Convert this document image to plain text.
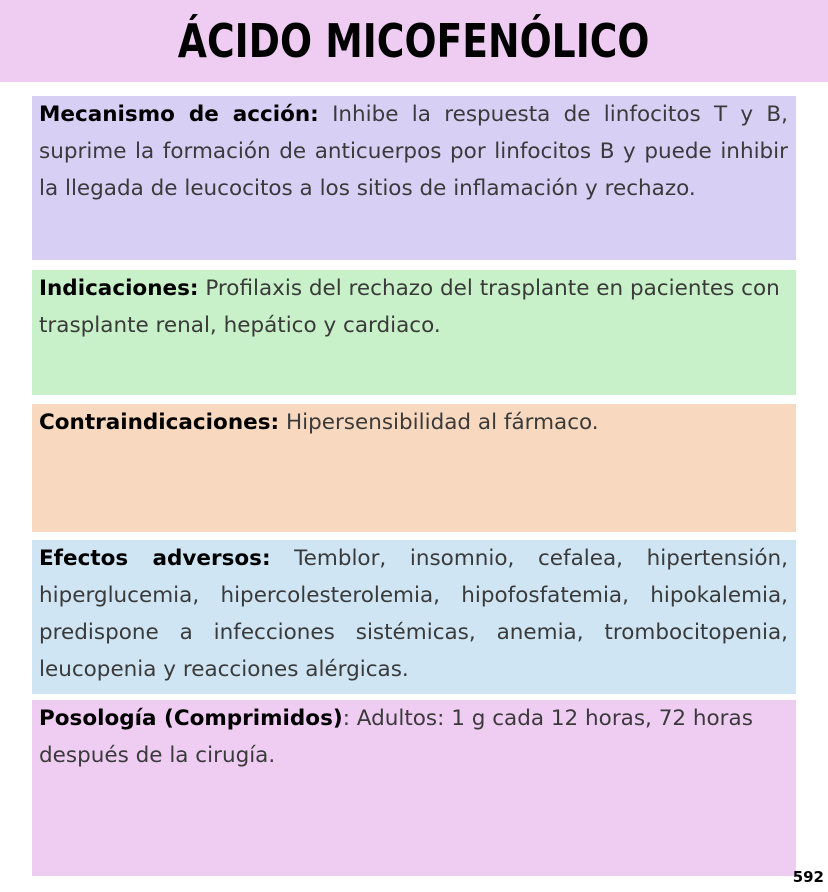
ÁCIDO MICOFENÓLICO

Mecanismo de acción: Inhibe la respuesta de linfocitos T y B, suprime la formación de anticuerpos por linfocitos B y puede inhibir la llegada de leucocitos a los sitios de inflamación y rechazo.

Indicaciones: Profilaxis del rechazo del trasplante en pacientes con trasplante renal, hepático y cardiaco.

Contraindicaciones: Hipersensibilidad al fármaco.

Efectos adversos: Temblor, insomnio, cefalea, hipertensión, hiperglucemia, hipercolesterolemia, hipofosfatemia, hipokalemia, predispone a infecciones sistémicas, anemia, trombocitopenia, leucopenia y reacciones alérgicas.

Posología (Comprimidos): Adultos: 1 g cada 12 horas, 72 horas después de la cirugía.

592
